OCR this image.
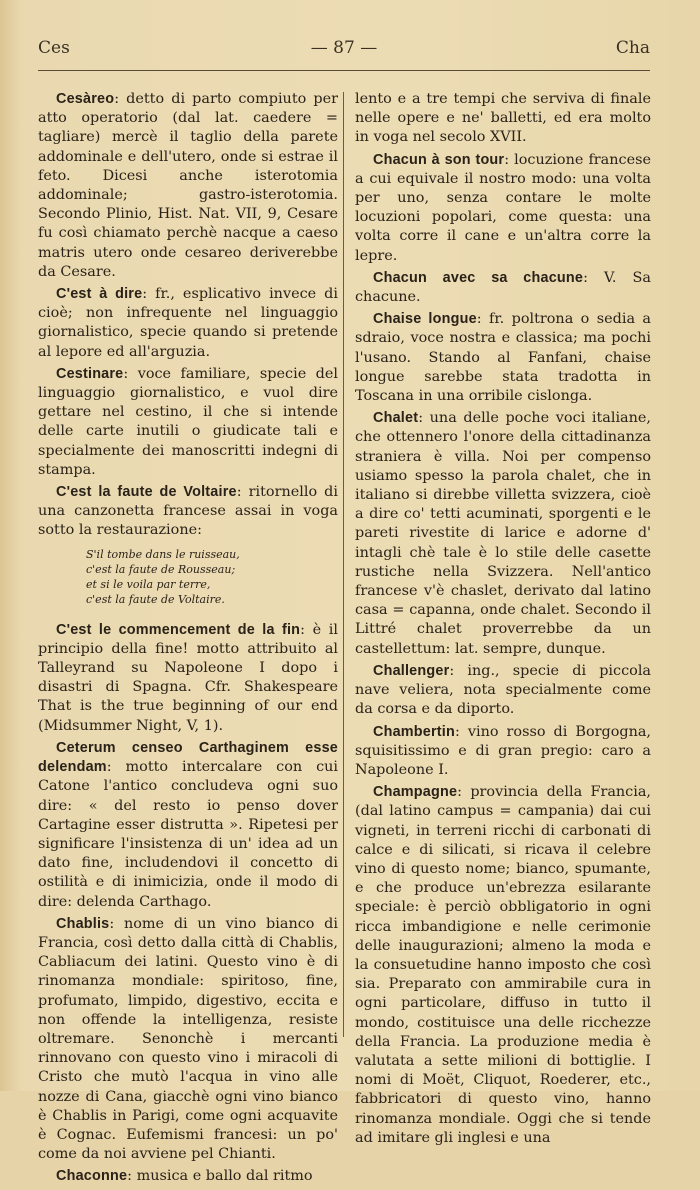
Ces	— 87 —	Cha

Cesàreo: detto di parto compiuto per atto operatorio (dal lat. caedere = tagliare) mercè il taglio della parete addominale e dell'utero, onde si estrae il feto. Dicesi anche isterotomia addominale; gastro-isterotomia. Secondo Plinio, Hist. Nat. VII, 9, Cesare fu così chiamato perchè nacque a caeso matris utero onde cesareo deriverebbe da Cesare.

C'est à dire: fr., esplicativo invece di cioè; non infrequente nel linguaggio giornalistico, specie quando si pretende al lepore ed all'arguzia.

Cestinare: voce familiare, specie del linguaggio giornalistico, e vuol dire gettare nel cestino, il che si intende delle carte inutili o giudicate tali e specialmente dei manoscritti indegni di stampa.

C'est la faute de Voltaire: ritornello di una canzonetta francese assai in voga sotto la restaurazione:

S'il tombe dans le ruisseau,
c'est la faute de Rousseau;
et si le voila par terre,
c'est la faute de Voltaire.

C'est le commencement de la fin: è il principio della fine! motto attribuito al Talleyrand su Napoleone I dopo i disastri di Spagna. Cfr. Shakespeare That is the true beginning of our end (Midsummer Night, V, 1).

Ceterum censeo Carthaginem esse delendam: motto intercalare con cui Catone l'antico concludeva ogni suo dire: « del resto io penso dover Cartagine esser distrutta ». Ripetesi per significare l'insistenza di un' idea ad un dato fine, includendovi il concetto di ostilità e di inimicizia, onde il modo di dire: delenda Carthago.

Chablis: nome di un vino bianco di Francia, così detto dalla città di Chablis, Cabliacum dei latini. Questo vino è di rinomanza mondiale: spiritoso, fine, profumato, limpido, digestivo, eccita e non offende la intelligenza, resiste oltremare. Senonchè i mercanti rinnovano con questo vino i miracoli di Cristo che mutò l'acqua in vino alle nozze di Cana, giacchè ogni vino bianco è Chablis in Parigi, come ogni acquavite è Cognac. Eufemismi francesi: un po' come da noi avviene pel Chianti.

Chaconne: musica e ballo dal ritmo

lento e a tre tempi che serviva di finale nelle opere e ne' balletti, ed era molto in voga nel secolo XVII.

Chacun à son tour: locuzione francese a cui equivale il nostro modo: una volta per uno, senza contare le molte locuzioni popolari, come questa: una volta corre il cane e un'altra corre la lepre.

Chacun avec sa chacune: V. Sa chacune.

Chaise longue: fr. poltrona o sedia a sdraio, voce nostra e classica; ma pochi l'usano. Stando al Fanfani, chaise longue sarebbe stata tradotta in Toscana in una orribile cislonga.

Chalet: una delle poche voci italiane, che ottennero l'onore della cittadinanza straniera è villa. Noi per compenso usiamo spesso la parola chalet, che in italiano si direbbe villetta svizzera, cioè a dire co' tetti acuminati, sporgenti e le pareti rivestite di larice e adorne d' intagli chè tale è lo stile delle casette rustiche nella Svizzera. Nell'antico francese v'è chaslet, derivato dal latino casa = capanna, onde chalet. Secondo il Littré chalet proverrebbe da un castellettum: lat. sempre, dunque.

Challenger: ing., specie di piccola nave veliera, nota specialmente come da corsa e da diporto.

Chambertin: vino rosso di Borgogna, squisitissimo e di gran pregio: caro a Napoleone I.

Champagne: provincia della Francia, (dal latino campus = campania) dai cui vigneti, in terreni ricchi di carbonati di calce e di silicati, si ricava il celebre vino di questo nome; bianco, spumante, e che produce un'ebrezza esilarante speciale: è perciò obbligatorio in ogni ricca imbandigione e nelle cerimonie delle inaugurazioni; almeno la moda e la consuetudine hanno imposto che così sia. Preparato con ammirabile cura in ogni particolare, diffuso in tutto il mondo, costituisce una delle ricchezze della Francia. La produzione media è valutata a sette milioni di bottiglie. I nomi di Moët, Cliquot, Roederer, etc., fabbricatori di questo vino, hanno rinomanza mondiale. Oggi che si tende ad imitare gli inglesi e una
